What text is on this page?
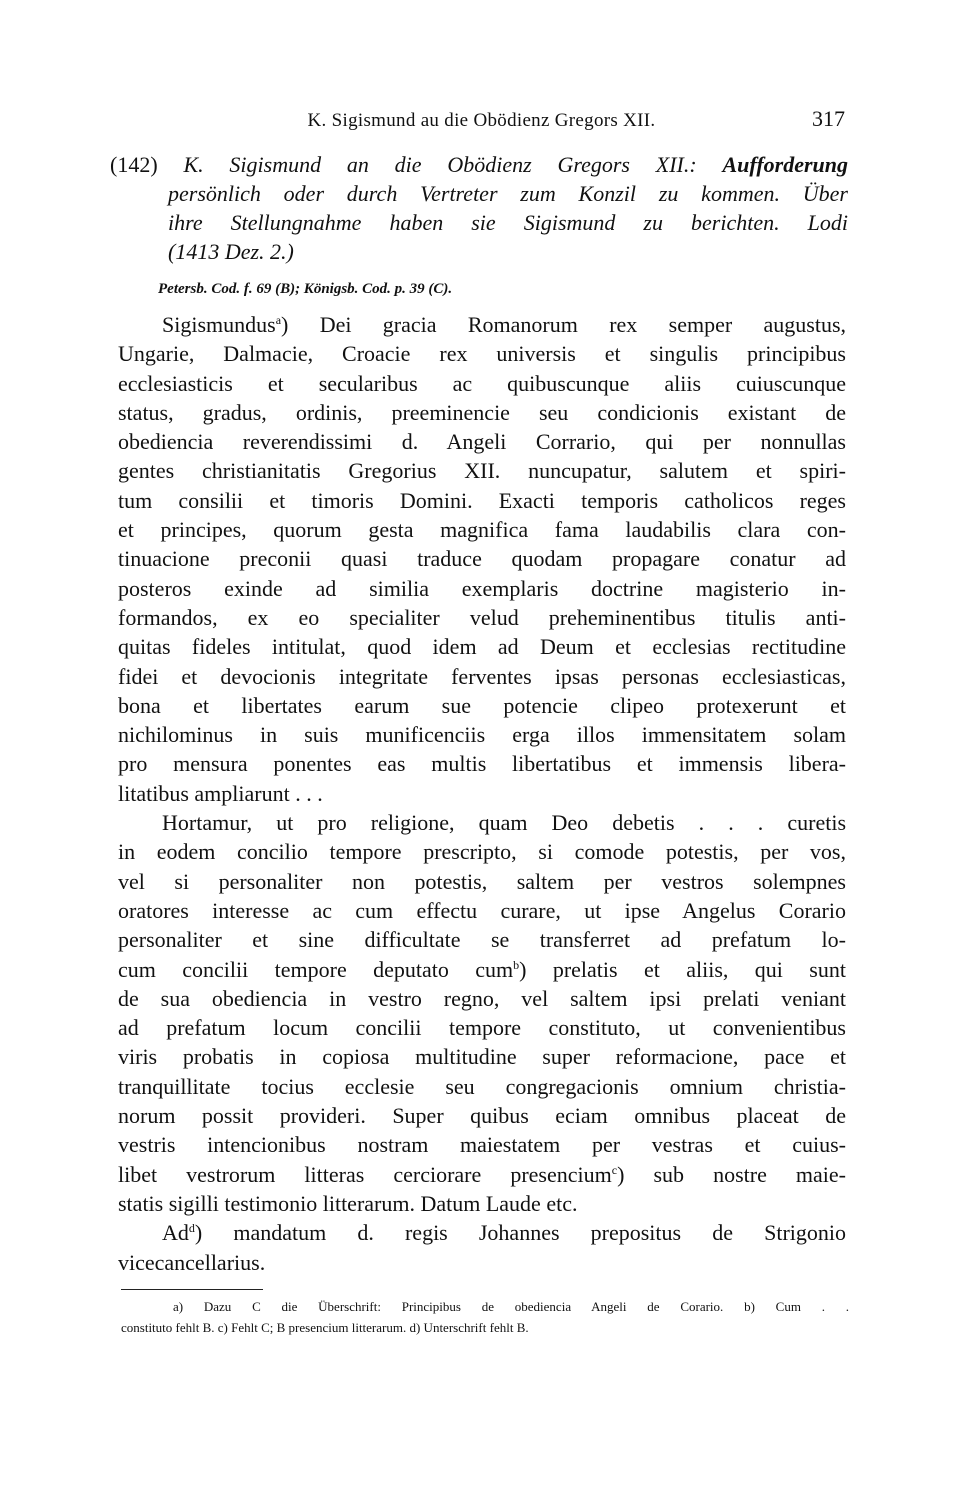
K. Sigismund au die Obödienz Gregors XII.	317
(142) K. Sigismund an die Obödienz Gregors XII.: Aufforderung
persönlich oder durch Vertreter zum Konzil zu kommen. Über
ihre Stellungnahme haben sie Sigismund zu berichten. Lodi
(1413 Dez. 2.)
Petersb. Cod. f. 69 (B); Königsb. Cod. p. 39 (C).
Sigismundus$^a$) Dei gracia Romanorum rex semper augustus,
Ungarie, Dalmacie, Croacie rex universis et singulis principibus
ecclesiasticis et secularibus ac quibuscunque aliis cuiuscunque
status, gradus, ordinis, preeminencie seu condicionis existant de
obediencia reverendissimi d. Angeli Corrario, qui per nonnullas
gentes christianitatis Gregorius XII. nuncupatur, salutem et spiri-
tum consilii et timoris Domini. Exacti temporis catholicos reges
et principes, quorum gesta magnifica fama laudabilis clara con-
tinuacione preconii quasi traduce quodam propagare conatur ad
posteros exinde ad similia exemplaris doctrine magisterio in-
formandos, ex eo specialiter velud preheminentibus titulis anti-
quitas fideles intitulat, quod idem ad Deum et ecclesias rectitudine
fidei et devocionis integritate ferventes ipsas personas ecclesiasticas,
bona et libertates earum sue potencie clipeo protexerunt et
nichilominus in suis munificenciis erga illos immensitatem solam
pro mensura ponentes eas multis libertatibus et immensis libera-
litatibus ampliarunt . . .
Hortamur, ut pro religione, quam Deo debetis . . . curetis
in eodem concilio tempore prescripto, si comode potestis, per vos,
vel si personaliter non potestis, saltem per vestros solempnes
oratores interesse ac cum effectu curare, ut ipse Angelus Corario
personaliter et sine difficultate se transferret ad prefatum lo-
cum concilii tempore deputato cum$^b$) prelatis et aliis, qui sunt
de sua obediencia in vestro regno, vel saltem ipsi prelati veniant
ad prefatum locum concilii tempore constituto, ut convenientibus
viris probatis in copiosa multitudine super reformacione, pace et
tranquillitate tocius ecclesie seu congregacionis omnium christia-
norum possit provideri. Super quibus eciam omnibus placeat de
vestris intencionibus nostram maiestatem per vestras et cuius-
libet vestrorum litteras cerciorare presencium$^c$) sub nostre maie-
statis sigilli testimonio litterarum. Datum Laude etc.
Ad$^d$) mandatum d. regis Johannes prepositus de Strigonio
vicecancellarius.
a) Dazu C die Überschrift: Principibus de obediencia Angeli de Corario. b) Cum . .
constituto fehlt B. c) Fehlt C; B presencium litterarum. d) Unterschrift fehlt B.
